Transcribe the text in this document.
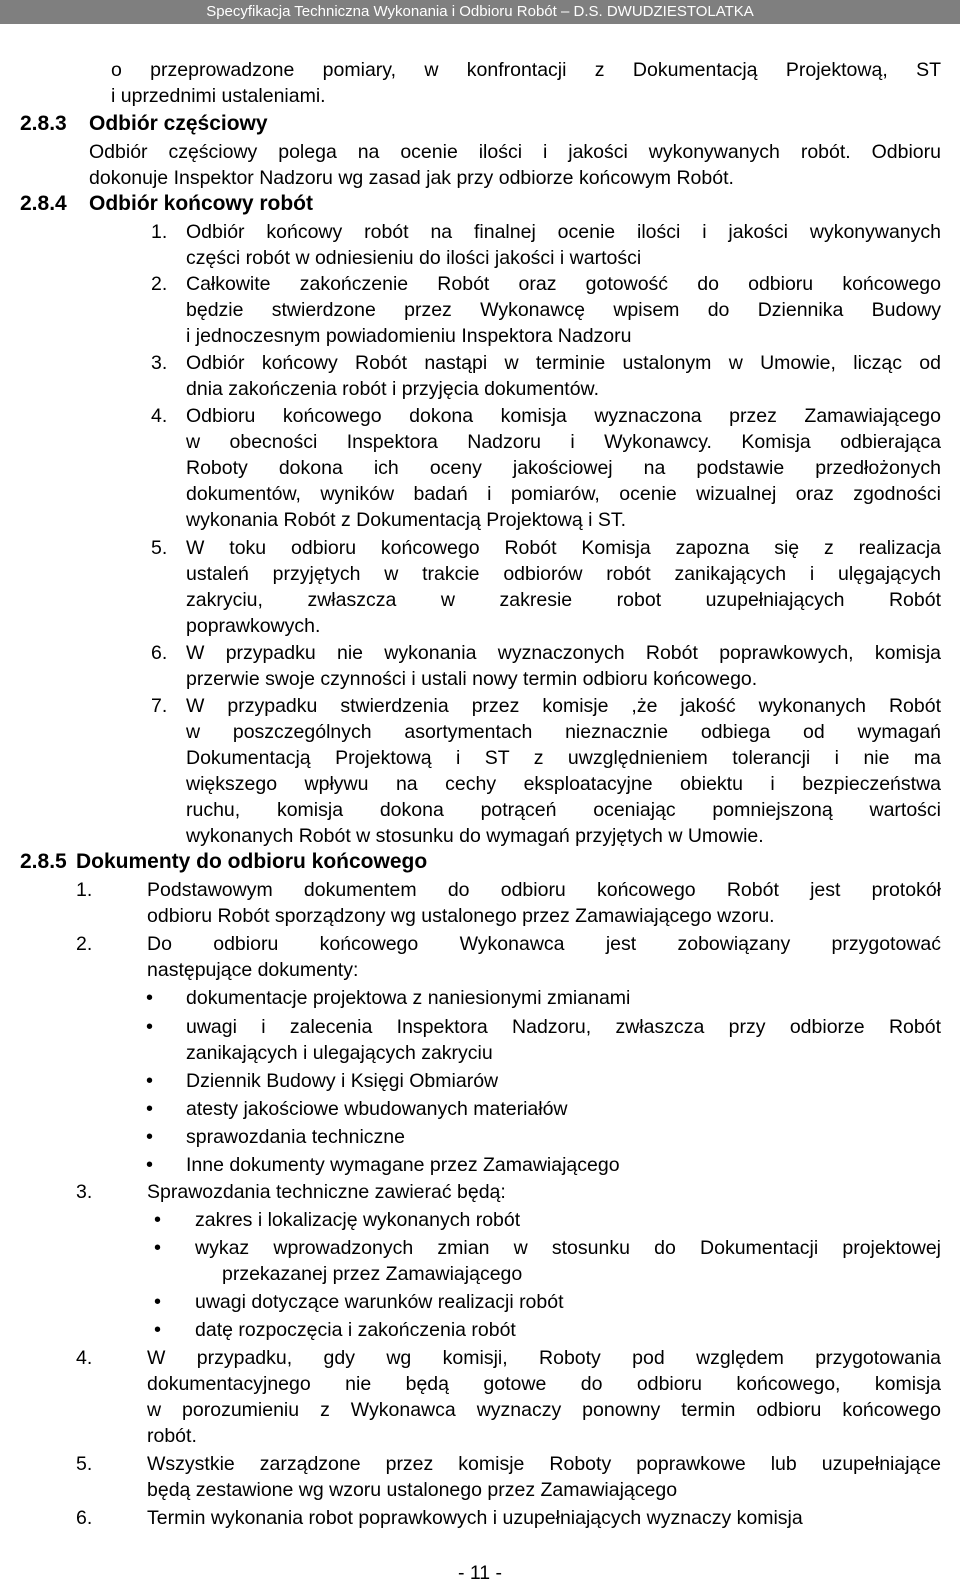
Specyfikacja Techniczna Wykonania i Odbioru Robót – D.S. DWUDZIESTOLATKA
o przeprowadzone pomiary, w konfrontacji z Dokumentacją Projektową, ST
i uprzednimi ustaleniami.
2.8.3 Odbiór częściowy
Odbiór częściowy polega na ocenie ilości i jakości wykonywanych robót. Odbioru
dokonuje Inspektor Nadzoru wg zasad jak przy odbiorze końcowym Robót.
2.8.4 Odbiór końcowy robót
1. Odbiór końcowy robót na finalnej ocenie ilości i jakości wykonywanych
części robót w odniesieniu do ilości jakości i wartości
2. Całkowite zakończenie Robót oraz gotowość do odbioru końcowego
będzie stwierdzone przez Wykonawcę wpisem do Dziennika Budowy
i jednoczesnym powiadomieniu Inspektora Nadzoru
3. Odbiór końcowy Robót nastąpi w terminie ustalonym w Umowie, licząc od
dnia zakończenia robót i przyjęcia dokumentów.
4. Odbioru końcowego dokona komisja wyznaczona przez Zamawiającego
w obecności Inspektora Nadzoru i Wykonawcy. Komisja odbierająca
Roboty dokona ich oceny jakościowej na podstawie przedłożonych
dokumentów, wyników badań i pomiarów, ocenie wizualnej oraz zgodności
wykonania Robót z Dokumentacją Projektową i ST.
5. W toku odbioru końcowego Robót Komisja zapozna się z realizacja
ustaleń przyjętych w trakcie odbiorów robót zanikających i ulęgających
zakryciu, zwłaszcza w zakresie robot uzupełniających Robót
poprawkowych.
6. W przypadku nie wykonania wyznaczonych Robót poprawkowych, komisja
przerwie swoje czynności i ustali nowy termin odbioru końcowego.
7. W przypadku stwierdzenia przez komisje ,że jakość wykonanych Robót
w poszczególnych asortymentach nieznacznie odbiega od wymagań
Dokumentacją Projektową i ST z uwzględnieniem tolerancji i nie ma
większego wpływu na cechy eksploatacyjne obiektu i bezpieczeństwa
ruchu, komisja dokona potrąceń oceniając pomniejszoną wartości
wykonanych Robót w stosunku do wymagań przyjętych w Umowie.
2.8.5 Dokumenty do odbioru końcowego
1.	Podstawowym dokumentem do odbioru końcowego Robót jest protokół
odbioru Robót sporządzony wg ustalonego przez Zamawiającego wzoru.
2.	Do odbioru końcowego Wykonawca jest zobowiązany przygotować
następujące dokumenty:
• dokumentacje projektowa z naniesionymi zmianami
• uwagi i zalecenia Inspektora Nadzoru, zwłaszcza przy odbiorze Robót
zanikających i ulegających zakryciu
• Dziennik Budowy i Księgi Obmiarów
• atesty jakościowe wbudowanych materiałów
• sprawozdania techniczne
• Inne dokumenty wymagane przez Zamawiającego
3.	Sprawozdania techniczne zawierać będą:
• zakres i lokalizację wykonanych robót
• wykaz wprowadzonych zmian w stosunku do Dokumentacji projektowej
przekazanej przez Zamawiającego
• uwagi dotyczące warunków realizacji robót
• datę rozpoczęcia i zakończenia robót
4.	W przypadku, gdy wg komisji, Roboty pod względem przygotowania
dokumentacyjnego nie będą gotowe do odbioru końcowego, komisja
w porozumieniu z Wykonawca wyznaczy ponowny termin odbioru końcowego
robót.
5.	Wszystkie zarządzone przez komisje Roboty poprawkowe lub uzupełniające
będą zestawione wg wzoru ustalonego przez Zamawiającego
6.	Termin wykonania robot poprawkowych i uzupełniających wyznaczy komisja
- 11 -
